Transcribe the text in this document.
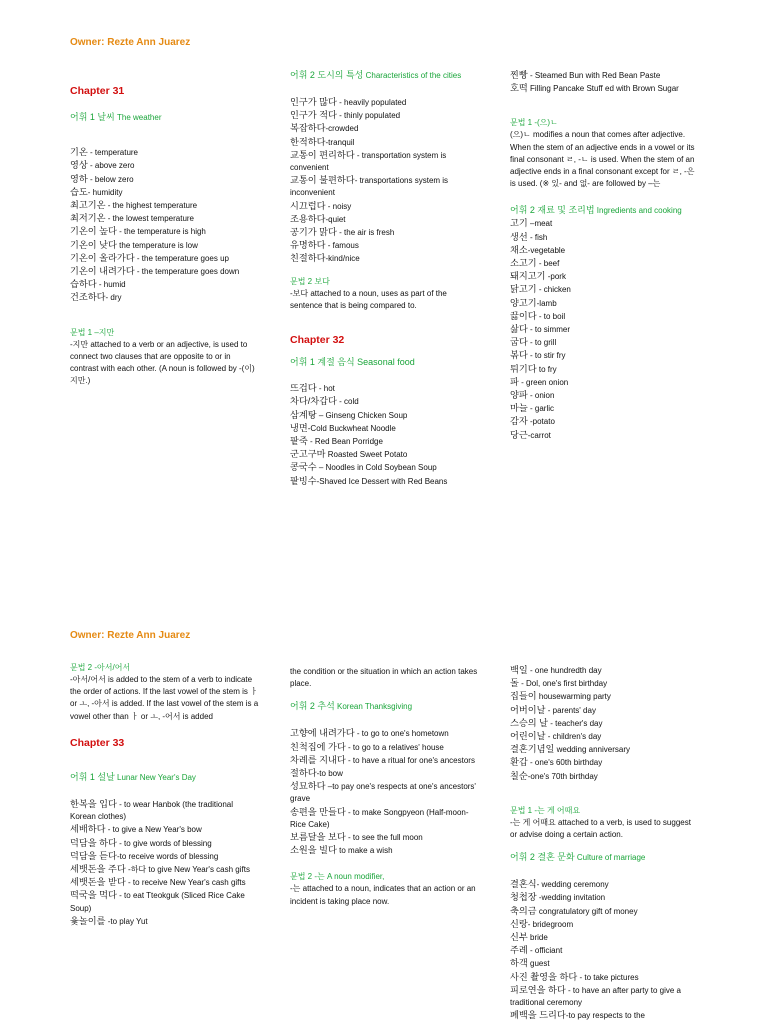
Owner: Rezte Ann Juarez

Chapter 31

어휘 1 날씨 The weather

기온 - temperature

영상 - above zero

영하 - below zero

습도- humidity

최고기온 - the highest temperature

최저기온 - the lowest temperature

기온이 높다 - the temperature is high

기온이 낮다 the temperature is low

기온이 올라가다 - the temperature goes up

기온이 내려가다 - the temperature goes down

습하다 - humid

건조하다- dry

문법 1 –지만

-지만 attached to a verb or an adjective, is used to connect two clauses that are opposite to or in contrast with each other. (A noun is followed by -(이)지만.)

어휘 2 도시의 특성 Characteristics of the cities

인구가 많다 - heavily populated

인구가 적다 - thinly populated

복잡하다-crowded

한적하다-tranquil

교통이 편리하다 - transportation system is convenient

교통이 불편하다- transportations system is inconvenient

시끄럽다 - noisy

조용하다-quiet

공기가 맑다 - the air is fresh

유명하다 - famous

친절하다-kind/nice

문법 2 보다

-보다 attached to a noun, uses as part of the sentence that is being compared to.

Chapter 32

어휘 1 계절 음식 Seasonal food

뜨겁다 - hot

차다/차갑다 - cold

삼계탕 – Ginseng Chicken Soup

냉면-Cold Buckwheat Noodle

팥죽 - Red Bean Porridge

군고구마 Roasted Sweet Potato

콩국수 – Noodles in Cold Soybean Soup

팥빙수-Shaved Ice Dessert with Red Beans

찐빵 - Steamed Bun with Red Bean Paste

호떡 Filling Pancake Stuff ed with Brown Sugar

문법 1 -(으)ㄴ

(으)ㄴ modifies a noun that comes after adjective. When the stem of an adjective ends in a vowel or its final consonant ㄹ, -ㄴ is used. When the stem of an adjective ends in a final consonant except for ㄹ, -은 is used. (※ 있- and 없- are followed by –는

어휘 2 재료 및 조리법 Ingredients and cooking

고기 –meat

생선 - fish

채소-vegetable

소고기 - beef

돼지고기 -pork

닭고기 - chicken

양고기-lamb

끓이다 - to boil

삶다 - to simmer

굽다 - to grill

볶다 - to stir fry

튀기다 to fry

파 - green onion

양파 - onion

마늘 - garlic

감자 -potato

당근-carrot

Owner: Rezte Ann Juarez
문법 2 -아서/어서

-아서/어서 is added to the stem of a verb to indicate the order of actions. If the last vowel of the stem is ㅏ or ㅗ, -아서 is added. If the last vowel of the stem is a vowel other than ㅏ or ㅗ, -어서 is added

Chapter 33

어휘 1 설날 Lunar New Year's Day

한복을 입다 - to wear Hanbok (the traditional Korean clothes)

세배하다 - to give a New Year's bow

덕담을 하다 - to give words of blessing

덕담을 듣다-to receive words of blessing

세뱃돈을 주다 -하다 to give New Year's cash gifts

세뱃돈을 받다 - to receive New Year's cash gifts

떡국을 먹다 - to eat Tteokguk (Sliced Rice Cake Soup)

윷놀이를 -to play Yut

the condition or the situation in which an action takes place.

어휘 2 추석 Korean Thanksgiving

고향에 내려가다 - to go to one's hometown

친척집에 가다 - to go to a relatives' house

차례를 지내다 - to have a ritual for one's ancestors

절하다-to bow

성묘하다 –to pay one's respects at one's ancestors' grave

송편을 만들다 - to make Songpyeon (Half-moon-Rice Cake)

보름달을 보다 - to see the full moon

소원을 빌다 to make a wish

문법 2 -는 A noun modifier,

-는 attached to a noun, indicates that an action or an incident is taking place now.

백일 - one hundredth day

돌 - Dol, one's first birthday

집들이 housewarming party

어버이날 - parents' day

스승의 날 - teacher's day

어린이날 - children's day

결혼기념일 wedding anniversary

환갑 - one's 60th birthday

칠순-one's 70th birthday

문법 1 -는 게 어때요

-는 게 어때요 attached to a verb, is used to suggest or advise doing a certain action.

어휘 2 결혼 문화 Culture of marriage

결혼식- wedding ceremony

청첩장 -wedding invitation

축의금 congratulatory gift of money

신랑- bridegroom

신부 bride

주례 - officiant

하객 guest

사진 촬영을 하다 - to take pictures

피로연을 하다 - to have an after party to give a traditional ceremony

폐백을 드리다-to pay respects to the
